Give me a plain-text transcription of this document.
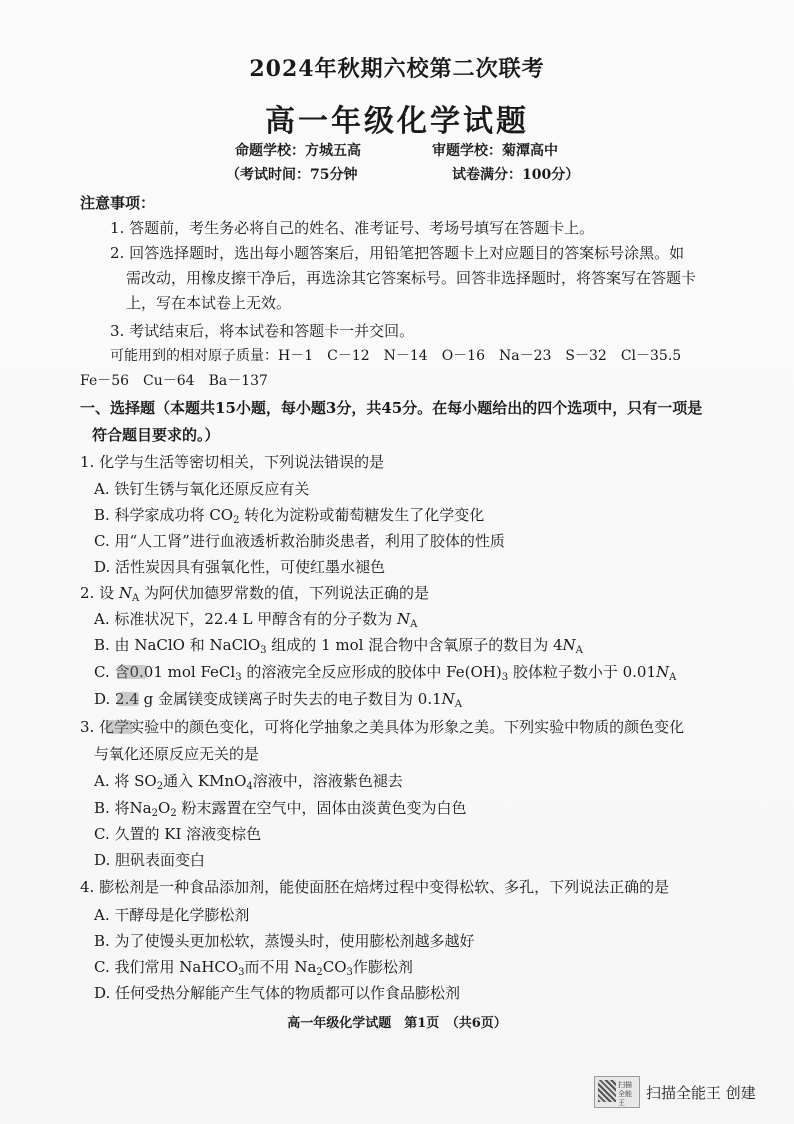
2024年秋期六校第二次联考
高一年级化学试题
命题学校：方城五高	审题学校：菊潭高中
（考试时间：75分钟	试卷满分：100分）
注意事项：
1. 答题前，考生务必将自己的姓名、准考证号、考场号填写在答题卡上。
2. 回答选择题时，选出每小题答案后，用铅笔把答题卡上对应题目的答案标号涂黑。如
需改动，用橡皮擦干净后，再选涂其它答案标号。回答非选择题时，将答案写在答题卡
上，写在本试卷上无效。
3. 考试结束后，将本试卷和答题卡一并交回。
可能用到的相对原子质量：H－1　C－12　N－14　O－16　Na－23　S－32　Cl－35.5
Fe－56　Cu－64　Ba－137
一、选择题（本题共15小题，每小题3分，共45分。在每小题给出的四个选项中，只有一项是
符合题目要求的。）
1. 化学与生活等密切相关，下列说法错误的是
A. 铁钉生锈与氧化还原反应有关
B. 科学家成功将 $CO_2$ 转化为淀粉或葡萄糖发生了化学变化
C. 用“人工肾”进行血液透析救治肺炎患者，利用了胶体的性质
D. 活性炭因具有强氧化性，可使红墨水褪色
2. 设 $N_A$ 为阿伏加德罗常数的值，下列说法正确的是
A. 标准状况下，22.4 L 甲醇含有的分子数为 $N_A$
B. 由 NaClO 和 NaClO$_3$ 组成的 1 mol 混合物中含氧原子的数目为 $4N_A$
C. 含0.01 mol FeCl$_3$ 的溶液完全反应形成的胶体中 $Fe(OH)_3$ 胶体粒子数小于 $0.01N_A$
D. 2.4 g 金属镁变成镁离子时失去的电子数目为 $0.1N_A$
3. 化学实验中的颜色变化，可将化学抽象之美具体为形象之美。下列实验中物质的颜色变化
与氧化还原反应无关的是
A. 将 $SO_2$通入 KMnO$_4$溶液中，溶液紫色褪去
B. 将$Na_2O_2$ 粉末露置在空气中，固体由淡黄色变为白色
C. 久置的 KI 溶液变棕色
D. 胆矾表面变白
4. 膨松剂是一种食品添加剂，能使面胚在焙烤过程中变得松软、多孔，下列说法正确的是
A. 干酵母是化学膨松剂
B. 为了使馒头更加松软，蒸馒头时，使用膨松剂越多越好
C. 我们常用 NaHCO$_3$而不用 $Na_2CO_3$作膨松剂
D. 任何受热分解能产生气体的物质都可以作食品膨松剂
高一年级化学试题　第1页　（共6页）
扫描全能王
扫描全能王 创建
